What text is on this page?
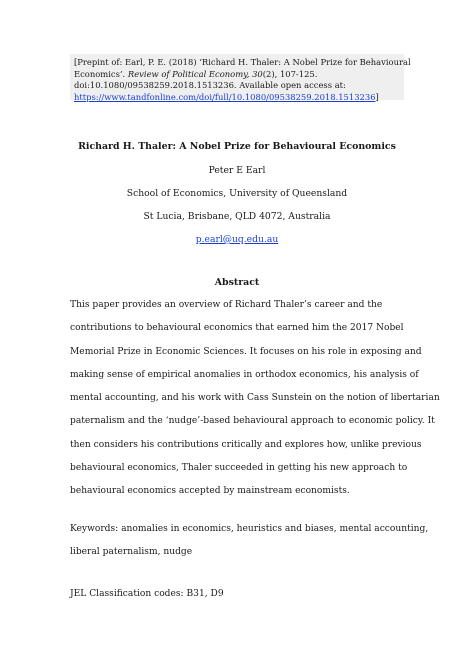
[Prepint of: Earl, P. E. (2018) ‘Richard H. Thaler: A Nobel Prize for Behavioural
Economics’. Review of Political Economy, 30(2), 107-125.
doi:10.1080/09538259.2018.1513236. Available open access at:
https://www.tandfonline.com/doi/full/10.1080/09538259.2018.1513236]
Richard H. Thaler: A Nobel Prize for Behavioural Economics
Peter E Earl
School of Economics, University of Queensland
St Lucia, Brisbane, QLD 4072, Australia
p.earl@uq.edu.au
Abstract
This paper provides an overview of Richard Thaler’s career and the
contributions to behavioural economics that earned him the 2017 Nobel
Memorial Prize in Economic Sciences. It focuses on his role in exposing and
making sense of empirical anomalies in orthodox economics, his analysis of
mental accounting, and his work with Cass Sunstein on the notion of libertarian
paternalism and the ‘nudge’-based behavioural approach to economic policy. It
then considers his contributions critically and explores how, unlike previous
behavioural economics, Thaler succeeded in getting his new approach to
behavioural economics accepted by mainstream economists.
Keywords: anomalies in economics, heuristics and biases, mental accounting,
liberal paternalism, nudge
JEL Classification codes: B31, D9
